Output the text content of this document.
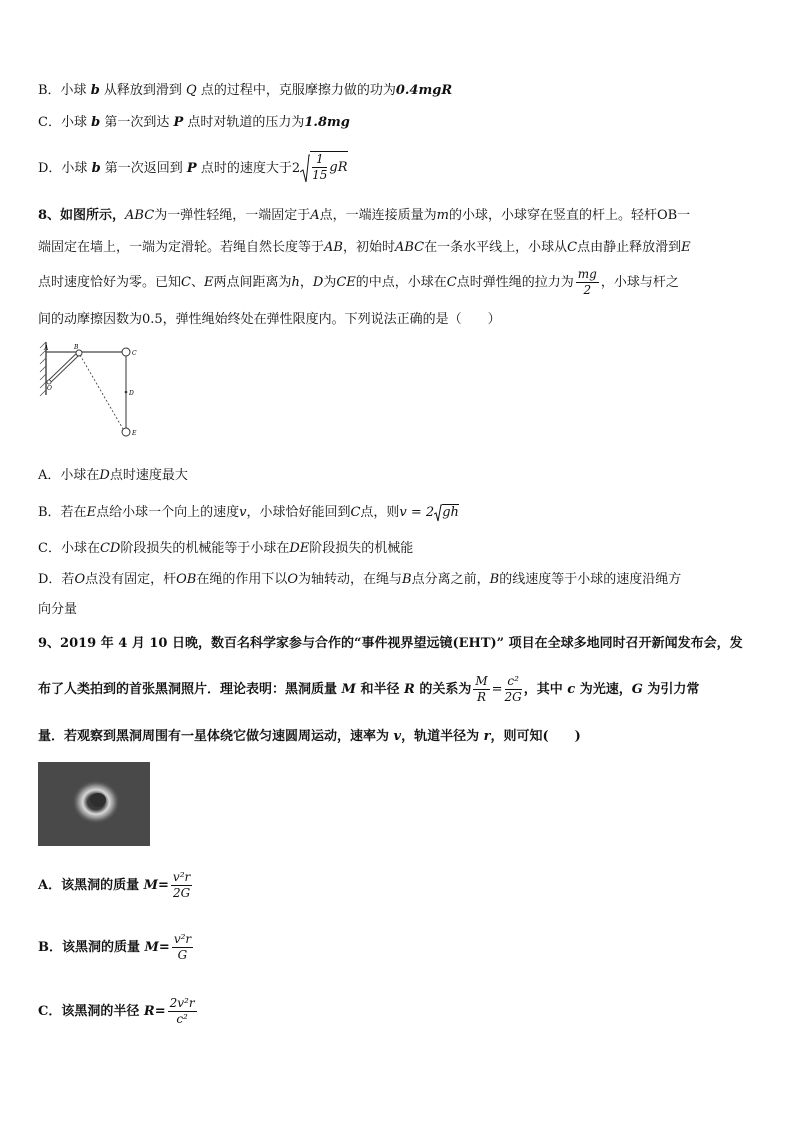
B．小球 b 从释放到滑到 Q 点的过程中，克服摩擦力做的功为0.4mgR
C．小球 b 第一次到达 P 点时对轨道的压力为1.8mg
D．小球 b 第一次返回到 P 点时的速度大于$2 \frac{1}{15}$ gR
8、如图所示，ABC为一弹性轻绳，一端固定于A点，一端连接质量为m的小球，小球穿在竖直的杆上。轻杆OB一
端固定在墙上，一端为定滑轮。若绳自然长度等于AB，初始时ABC在一条水平线上，小球从C点由静止释放滑到E
点时速度恰好为零。已知C、E两点间距离为h，D为CE的中点，小球在C点时弹性绳的拉力为 $\frac{mg}{2}$ ，小球与杆之
间的动摩擦因数为0.5，弹性绳始终处在弹性限度内。下列说法正确的是（　　）
A	B
C
D
E
O
A．小球在D点时速度最大
B．若在E点给小球一个向上的速度v，小球恰好能回到C点，则v = 2 gh
C．小球在CD阶段损失的机械能等于小球在DE阶段损失的机械能
D．若O点没有固定，杆OB在绳的作用下以O为轴转动，在绳与B点分离之前，B的线速度等于小球的速度沿绳方
向分量
9、2019 年 4 月 10 日晚，数百名科学家参与合作的“事件视界望远镜(EHT)” 项目在全球多地同时召开新闻发布会，发
布了人类拍到的首张黑洞照片．理论表明：黑洞质量 M 和半径 R 的关系为 $\frac{M}{R} = \frac{\text{c²}}{2G}$ ，其中 c 为光速，G 为引力常
量．若观察到黑洞周围有一星体绕它做匀速圆周运动，速率为 v，轨道半径为 r，则可知(　　)
A．该黑洞的质量 $M= \frac{\text{v²r}}{2G}$
B．该黑洞的质量 $M= \frac{\text{v²r}}{G}$
C．该黑洞的半径 $R= \frac{\text{2v²r}}{\text{c²}}$
